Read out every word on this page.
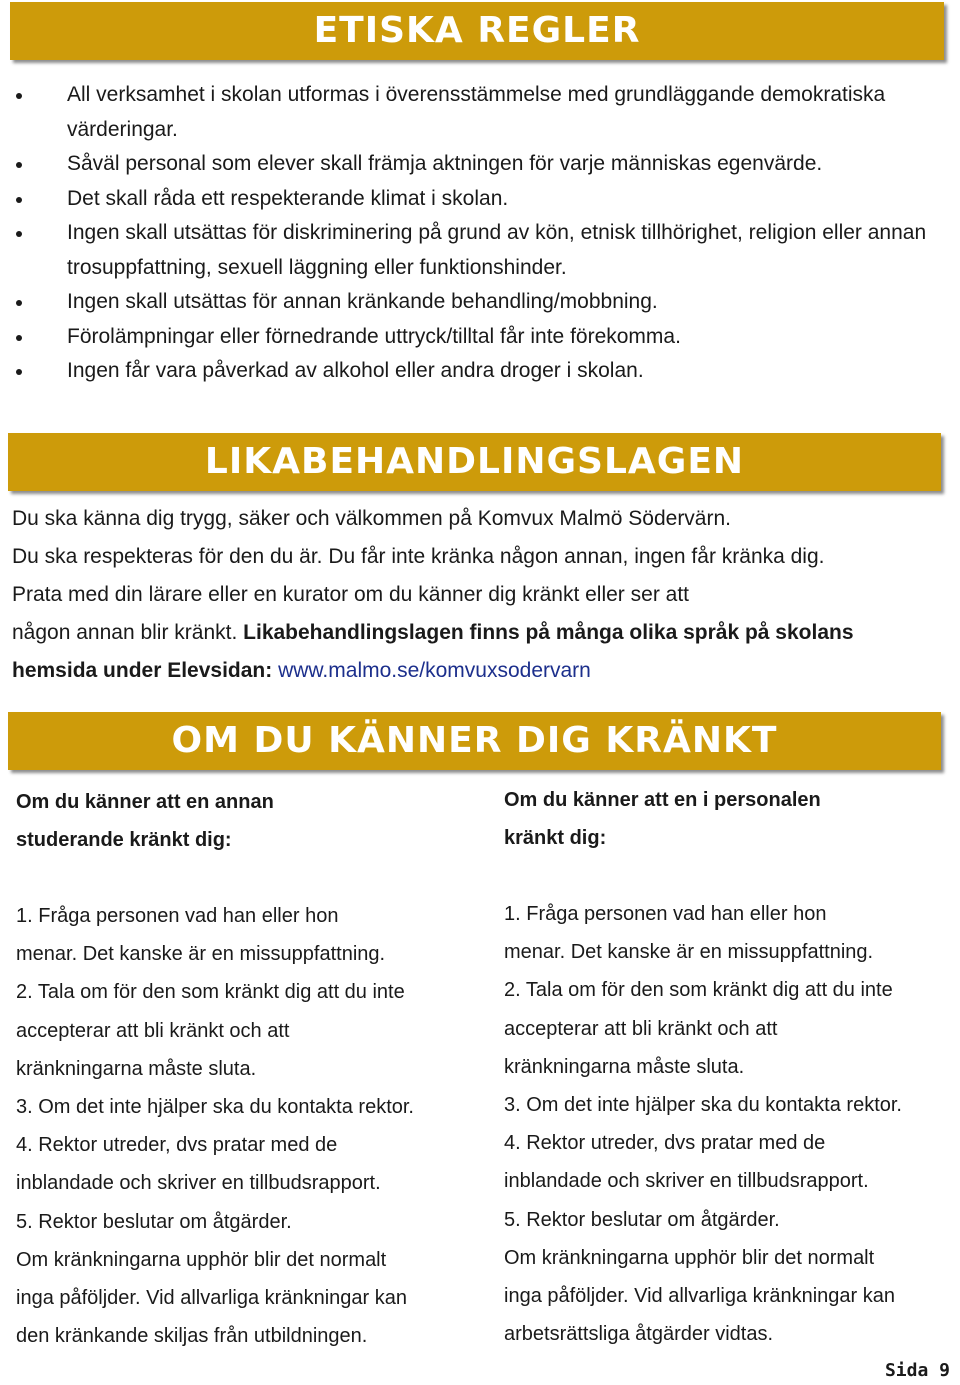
ETISKA REGLER
All verksamhet i skolan utformas i överensstämmelse med grundläggande demokratiska värderingar.
Såväl personal som elever skall främja aktningen för varje människas egenvärde.
Det skall råda ett respekterande klimat i skolan.
Ingen skall utsättas för diskriminering på grund av kön, etnisk tillhörighet, religion eller annan trosuppfattning, sexuell läggning eller funktionshinder.
Ingen skall utsättas för annan kränkande behandling/mobbning.
Förolämpningar eller förnedrande uttryck/tilltal får inte förekomma.
Ingen får vara påverkad av alkohol eller andra droger i skolan.
LIKABEHANDLINGSLAGEN

Du ska känna dig trygg, säker och välkommen på Komvux Malmö Södervärn.

Du ska respekteras för den du är. Du får inte kränka någon annan, ingen får kränka dig.

Prata med din lärare eller en kurator om du känner dig kränkt eller ser att

någon annan blir kränkt. Likabehandlingslagen finns på många olika språk på skolans

hemsida under Elevsidan: www.malmo.se/komvuxsodervarn

OM DU KÄNNER DIG KRÄNKT
Om du känner att en annan
studerande kränkt dig:
1. Fråga personen vad han eller hon
menar. Det kanske är en missuppfattning.
2. Tala om för den som kränkt dig att du inte
accepterar att bli kränkt och att
kränkningarna måste sluta.
3. Om det inte hjälper ska du kontakta rektor.
4. Rektor utreder, dvs pratar med de
inblandade och skriver en tillbudsrapport.
5. Rektor beslutar om åtgärder.
Om kränkningarna upphör blir det normalt
inga påföljder. Vid allvarliga kränkningar kan
den kränkande skiljas från utbildningen.
Om du känner att en i personalen
kränkt dig:
1. Fråga personen vad han eller hon
menar. Det kanske är en missuppfattning.
2. Tala om för den som kränkt dig att du inte
accepterar att bli kränkt och att
kränkningarna måste sluta.
3. Om det inte hjälper ska du kontakta rektor.
4. Rektor utreder, dvs pratar med de
inblandade och skriver en tillbudsrapport.
5. Rektor beslutar om åtgärder.
Om kränkningarna upphör blir det normalt
inga påföljder. Vid allvarliga kränkningar kan
arbetsrättsliga åtgärder vidtas.
Sida 9
